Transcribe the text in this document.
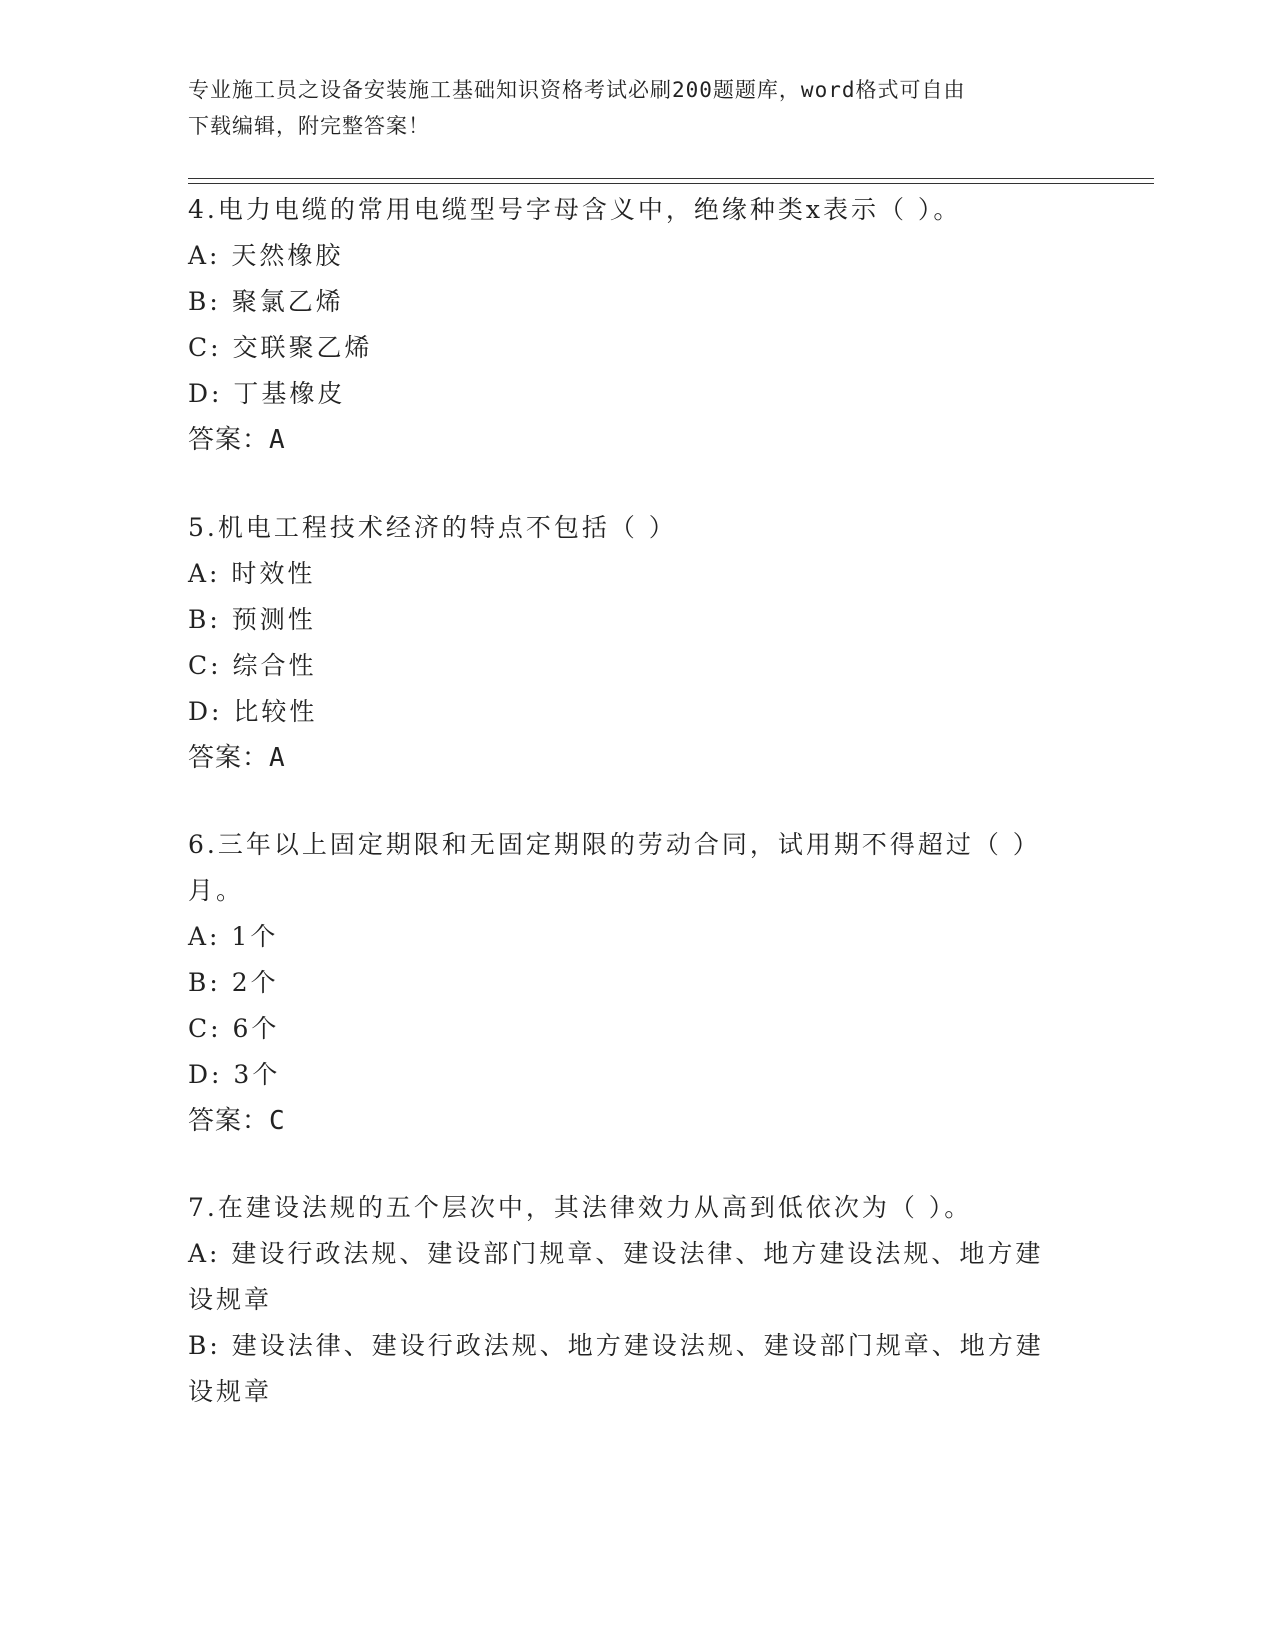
专业施工员之设备安装施工基础知识资格考试必刷200题题库，word格式可自由
下载编辑，附完整答案！
4.电力电缆的常用电缆型号字母含义中，绝缘种类x表示（ ）。
A: 天然橡胶
B: 聚氯乙烯
C: 交联聚乙烯
D: 丁基橡皮
答案：A
5.机电工程技术经济的特点不包括（ ）
A: 时效性
B: 预测性
C: 综合性
D: 比较性
答案：A
6.三年以上固定期限和无固定期限的劳动合同，试用期不得超过（ ）
月。
A: 1个
B: 2个
C: 6个
D: 3个
答案：C
7.在建设法规的五个层次中，其法律效力从高到低依次为（ ）。
A: 建设行政法规、建设部门规章、建设法律、地方建设法规、地方建
设规章
B: 建设法律、建设行政法规、地方建设法规、建设部门规章、地方建
设规章
